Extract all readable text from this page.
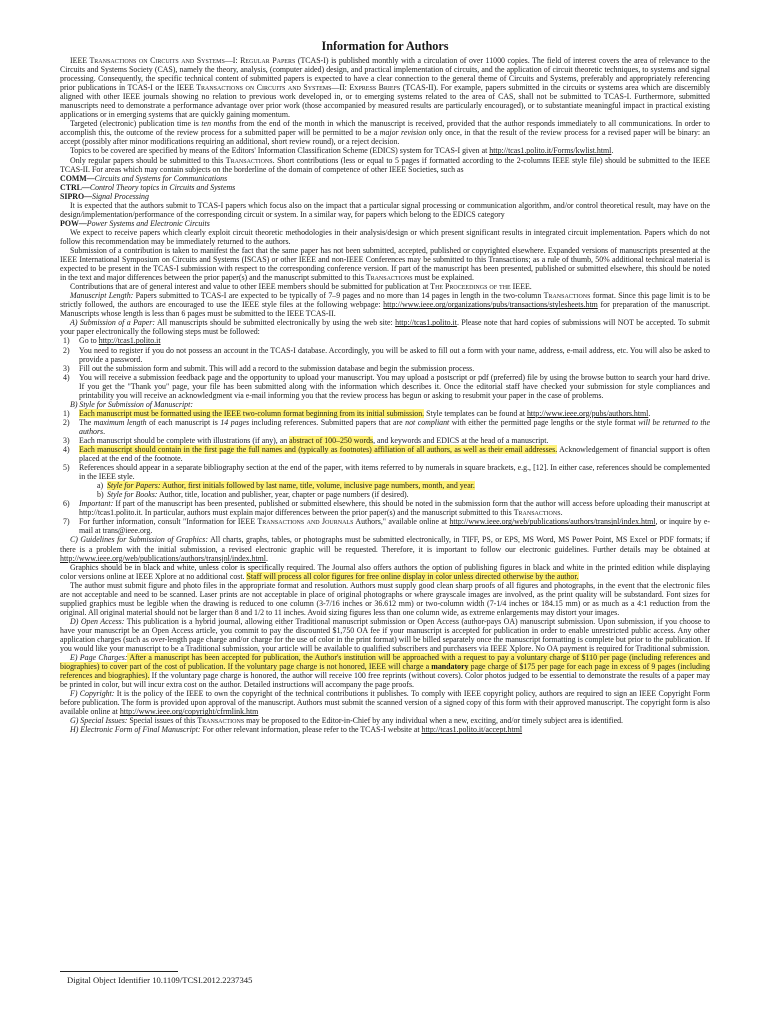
Information for Authors

IEEE Transactions on Circuits and Systems—I: Regular Papers (TCAS-I) is published monthly with a circulation of over 11000 copies. The field of interest covers the area of relevance to the Circuits and Systems Society (CAS), namely the theory, analysis, (computer aided) design, and practical implementation of circuits, and the application of circuit theoretic techniques, to systems and signal processing. Consequently, the specific technical content of submitted papers is expected to have a clear connection to the general theme of Circuits and Systems, preferably and appropriately referencing prior publications in TCAS-I or the IEEE Transactions on Circuits and Systems—II: Express Briefs (TCAS-II). For example, papers submitted in the circuits or systems area which are discernibly aligned with other IEEE journals showing no relation to previous work developed in, or to emerging systems related to the area of CAS, shall not be submitted to TCAS-I. Furthermore, submitted manuscripts need to demonstrate a performance advantage over prior work (those accompanied by measured results are particularly encouraged), or to substantiate meaningful impact in practical existing applications or in emerging systems that are quickly gaining momentum.

Targeted (electronic) publication time is ten months from the end of the month in which the manuscript is received, provided that the author responds immediately to all communications. In order to accomplish this, the outcome of the review process for a submitted paper will be permitted to be a major revision only once, in that the result of the review process for a revised paper will be binary: an accept (possibly after minor modifications requiring an additional, short review round), or a reject decision.

Topics to be covered are specified by means of the Editors' Information Classification Scheme (EDICS) system for TCAS-I given at http://tcas1.polito.it/Forms/kwlist.html.

Only regular papers should be submitted to this Transactions. Short contributions (less or equal to 5 pages if formatted according to the 2-columns IEEE style file) should be submitted to the IEEE TCAS-II. For areas which may contain subjects on the borderline of the domain of competence of other IEEE Societies, such as

COMM—Circuits and Systems for Communications

CTRL—Control Theory topics in Circuits and Systems

SIPRO—Signal Processing

It is expected that the authors submit to TCAS-I papers which focus also on the impact that a particular signal processing or communication algorithm, and/or control theoretical result, may have on the design/implementation/performance of the corresponding circuit or system. In a similar way, for papers which belong to the EDICS category

POW—Power Systems and Electronic Circuits

We expect to receive papers which clearly exploit circuit theoretic methodologies in their analysis/design or which present significant results in integrated circuit implementation. Papers which do not follow this recommendation may be immediately returned to the authors.

Submission of a contribution is taken to manifest the fact that the same paper has not been submitted, accepted, published or copyrighted elsewhere. Expanded versions of manuscripts presented at the IEEE International Symposium on Circuits and Systems (ISCAS) or other IEEE and non-IEEE Conferences may be submitted to this Transactions; as a rule of thumb, 50% additional technical material is expected to be present in the TCAS-I submission with respect to the corresponding conference version. If part of the manuscript has been presented, published or submitted elsewhere, this should be noted in the text and major differences between the prior paper(s) and the manuscript submitted to this Transactions must be explained.

Contributions that are of general interest and value to other IEEE members should be submitted for publication at The Proceedings of the IEEE.

Manuscript Length: Papers submitted to TCAS-I are expected to be typically of 7–9 pages and no more than 14 pages in length in the two-column Transactions format. Since this page limit is to be strictly followed, the authors are encouraged to use the IEEE style files at the following webpage: http://www.ieee.org/organizations/pubs/transactions/stylesheets.htm for preparation of the manuscript. Manuscripts whose length is less than 6 pages must be submitted to the IEEE TCAS-II.

A) Submission of a Paper: All manuscripts should be submitted electronically by using the web site: http://tcas1.polito.it. Please note that hard copies of submissions will NOT be accepted. To submit your paper electronically the following steps must be followed:

1) Go to http://tcas1.polito.it
2) You need to register if you do not possess an account in the TCAS-I database. Accordingly, you will be asked to fill out a form with your name, address, e-mail address, etc. You will also be asked to provide a password.
3) Fill out the submission form and submit. This will add a record to the submission database and begin the submission process.
4) You will receive a submission feedback page and the opportunity to upload your manuscript. You may upload a postscript or pdf (preferred) file by using the browse button to search your hard drive. If you get the "Thank you" page, your file has been submitted along with the information which describes it. Once the editorial staff have checked your submission for style compliances and printability you will receive an acknowledgment via e-mail informing you that the review process has begun or asking to resubmit your paper in the case of problems.

B) Style for Submission of Manuscript:

1) Each manuscript must be formatted using the IEEE two-column format beginning from its initial submission. Style templates can be found at http://www.ieee.org/pubs/authors.html.
2) The maximum length of each manuscript is 14 pages including references. Submitted papers that are not compliant with either the permitted page lengths or the style format will be returned to the authors.
3) Each manuscript should be complete with illustrations (if any), an abstract of 100–250 words, and keywords and EDICS at the head of a manuscript.
4) Each manuscript should contain in the first page the full names and (typically as footnotes) affiliation of all authors, as well as their email addresses. Acknowledgement of financial support is often placed at the end of the footnote.
5) References should appear in a separate bibliography section at the end of the paper, with items referred to by numerals in square brackets, e.g., [12]. In either case, references should be complemented in the IEEE style.
a) Style for Papers: Author, first initials followed by last name, title, volume, inclusive page numbers, month, and year.
b) Style for Books: Author, title, location and publisher, year, chapter or page numbers (if desired).
6) Important: If part of the manuscript has been presented, published or submitted elsewhere, this should be noted in the submission form that the author will access before uploading their manuscript at http://tcas1.polito.it. In particular, authors must explain major differences between the prior paper(s) and the manuscript submitted to this Transactions.
7) For further information, consult "Information for IEEE Transactions and Journals Authors," available online at http://www.ieee.org/web/publications/authors/transjnl/index.html, or inquire by e-mail at trans@ieee.org.

C) Guidelines for Submission of Graphics: All charts, graphs, tables, or photographs must be submitted electronically, in TIFF, PS, or EPS, MS Word, MS Power Point, MS Excel or PDF formats; if there is a problem with the initial submission, a revised electronic graphic will be requested. Therefore, it is important to follow our electronic guidelines. Further details may be obtained at http://www.ieee.org/web/publications/authors/transjnl/index.html.

Graphics should be in black and white, unless color is specifically required. The Journal also offers authors the option of publishing figures in black and white in the printed edition while displaying color versions online at IEEE Xplore at no additional cost. Staff will process all color figures for free online display in color unless directed otherwise by the author.

The author must submit figure and photo files in the appropriate format and resolution. Authors must supply good clean sharp proofs of all figures and photographs, in the event that the electronic files are not acceptable and need to be scanned. Laser prints are not acceptable in place of original photographs or where grayscale images are involved, as the print quality will be substandard. Font sizes for supplied graphics must be legible when the drawing is reduced to one column (3-7/16 inches or 36.612 mm) or two-column width (7-1/4 inches or 184.15 mm) or as much as a 4:1 reduction from the original. All original material should not be larger than 8 and 1/2 to 11 inches. Avoid sizing figures less than one column wide, as extreme enlargements may distort your images.

D) Open Access: This publication is a hybrid journal, allowing either Traditional manuscript submission or Open Access (author-pays OA) manuscript submission. Upon submission, if you choose to have your manuscript be an Open Access article, you commit to pay the discounted $1,750 OA fee if your manuscript is accepted for publication in order to enable unrestricted public access. Any other application charges (such as over-length page charge and/or charge for the use of color in the print format) will be billed separately once the manuscript formatting is complete but prior to the publication. If you would like your manuscript to be a Traditional submission, your article will be available to qualified subscribers and purchasers via IEEE Xplore. No OA payment is required for Traditional submission.

E) Page Charges: After a manuscript has been accepted for publication, the Author's institution will be approached with a request to pay a voluntary charge of $110 per page (including references and biographies) to cover part of the cost of publication. If the voluntary page charge is not honored, IEEE will charge a mandatory page charge of $175 per page for each page in excess of 9 pages (including references and biographies). If the voluntary page charge is honored, the author will receive 100 free reprints (without covers). Color photos judged to be essential to demonstrate the results of a paper may be printed in color, but will incur extra cost on the author. Detailed instructions will accompany the page proofs.

F) Copyright: It is the policy of the IEEE to own the copyright of the technical contributions it publishes. To comply with IEEE copyright policy, authors are required to sign an IEEE Copyright Form before publication. The form is provided upon approval of the manuscript. Authors must submit the scanned version of a signed copy of this form with their approved manuscript. The copyright form is also available online at http://www.ieee.org/copyright/cfrmlink.htm

G) Special Issues: Special issues of this Transactions may be proposed to the Editor-in-Chief by any individual when a new, exciting, and/or timely subject area is identified.

H) Electronic Form of Final Manuscript: For other relevant information, please refer to the TCAS-I website at http://tcas1.polito.it/accept.html

Digital Object Identifier 10.1109/TCSI.2012.2237345
